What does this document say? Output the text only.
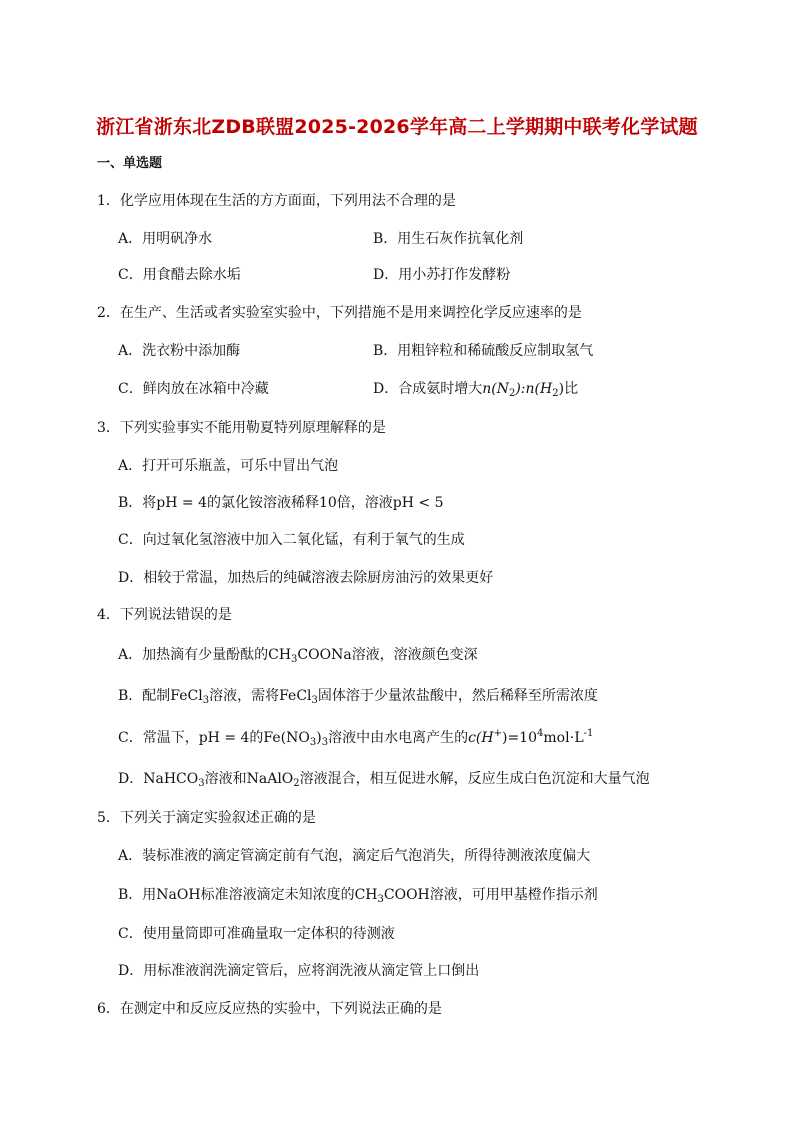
浙江省浙东北ZDB联盟2025-2026学年高二上学期期中联考化学试题
一、单选题
1．化学应用体现在生活的方方面面，下列用法不合理的是
A．用明矾净水	B．用生石灰作抗氧化剂
C．用食醋去除水垢	D．用小苏打作发酵粉
2．在生产、生活或者实验室实验中，下列措施不是用来调控化学反应速率的是
A．洗衣粉中添加酶	B．用粗锌粒和稀硫酸反应制取氢气
C．鲜肉放在冰箱中冷藏	D．合成氨时增大$n(N_2):n(H_2)$比
3．下列实验事实不能用勒夏特列原理解释的是
A．打开可乐瓶盖，可乐中冒出气泡
B．将pH = 4的氯化铵溶液稀释10倍，溶液pH < 5
C．向过氧化氢溶液中加入二氧化锰，有利于氧气的生成
D．相较于常温，加热后的纯碱溶液去除厨房油污的效果更好
4．下列说法错误的是
A．加热滴有少量酚酞的$CH_3COONa$溶液，溶液颜色变深
B．配制FeCl$_3$溶液，需将FeCl$_3$固体溶于少量浓盐酸中，然后稀释至所需浓度
C．常温下，pH = 4的$Fe(NO_3)_3$溶液中由水电离产生的$c(H^+)=10^4mol\cdot L^{-1}$
D．NaHCO$_3$溶液和NaAlO$_2$溶液混合，相互促进水解，反应生成白色沉淀和大量气泡
5．下列关于滴定实验叙述正确的是
A．装标准液的滴定管滴定前有气泡，滴定后气泡消失，所得待测液浓度偏大
B．用NaOH标准溶液滴定未知浓度的$CH_3COOH$溶液，可用甲基橙作指示剂
C．使用量筒即可准确量取一定体积的待测液
D．用标准液润洗滴定管后，应将润洗液从滴定管上口倒出
6．在测定中和反应反应热的实验中，下列说法正确的是
